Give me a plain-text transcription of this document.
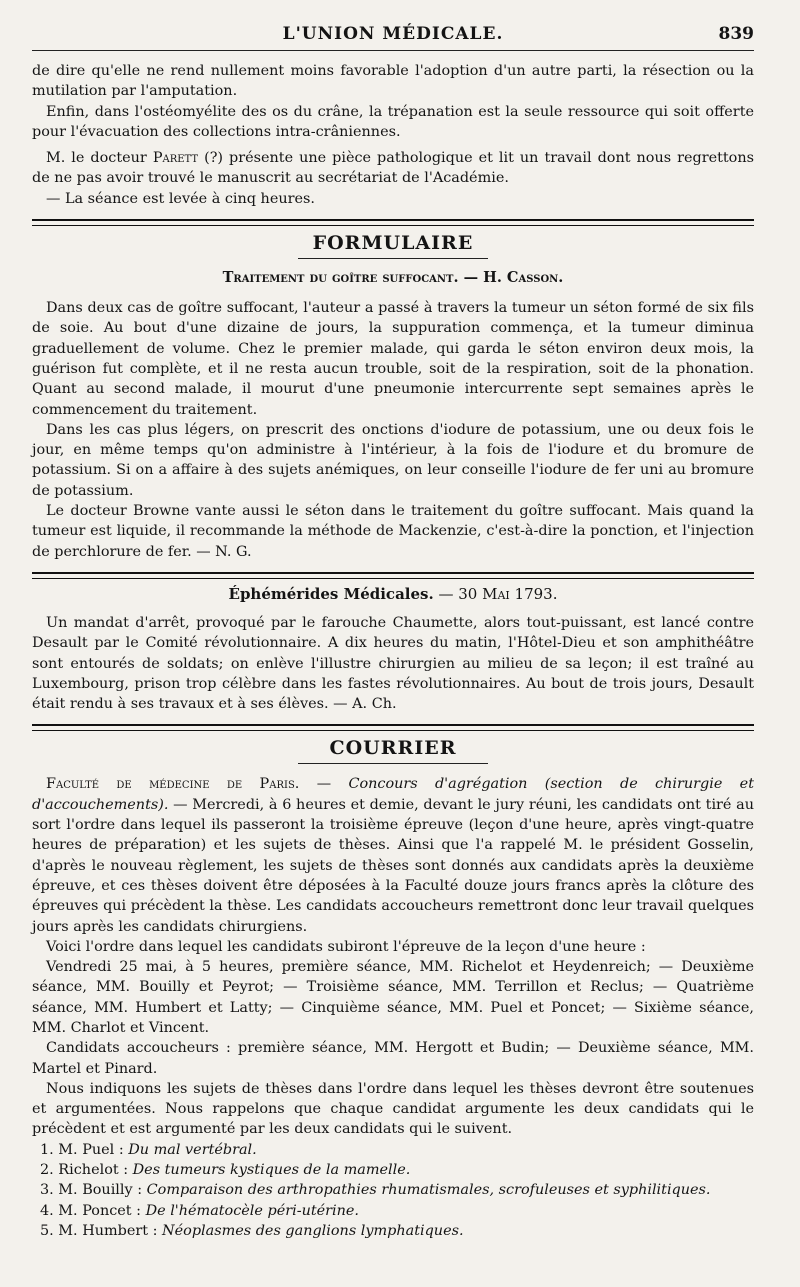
L'UNION MÉDICALE.	839

de dire qu'elle ne rend nullement moins favorable l'adoption d'un autre parti, la résection ou la mutilation par l'amputation.

Enfin, dans l'ostéomyélite des os du crâne, la trépanation est la seule ressource qui soit offerte pour l'évacuation des collections intra-crâniennes.

M. le docteur Parett (?) présente une pièce pathologique et lit un travail dont nous regrettons de ne pas avoir trouvé le manuscrit au secrétariat de l'Académie.

— La séance est levée à cinq heures.

FORMULAIRE
Traitement du goître suffocant. — H. Casson.

Dans deux cas de goître suffocant, l'auteur a passé à travers la tumeur un séton formé de six fils de soie. Au bout d'une dizaine de jours, la suppuration commença, et la tumeur diminua graduellement de volume. Chez le premier malade, qui garda le séton environ deux mois, la guérison fut complète, et il ne resta aucun trouble, soit de la respiration, soit de la phonation. Quant au second malade, il mourut d'une pneumonie intercurrente sept semaines après le commencement du traitement.

Dans les cas plus légers, on prescrit des onctions d'iodure de potassium, une ou deux fois le jour, en même temps qu'on administre à l'intérieur, à la fois de l'iodure et du bromure de potassium. Si on a affaire à des sujets anémiques, on leur conseille l'iodure de fer uni au bromure de potassium.

Le docteur Browne vante aussi le séton dans le traitement du goître suffocant. Mais quand la tumeur est liquide, il recommande la méthode de Mackenzie, c'est-à-dire la ponction, et l'injection de perchlorure de fer. — N. G.

Éphémérides Médicales. — 30 Mai 1793.

Un mandat d'arrêt, provoqué par le farouche Chaumette, alors tout-puissant, est lancé contre Desault par le Comité révolutionnaire. A dix heures du matin, l'Hôtel-Dieu et son amphithéâtre sont entourés de soldats; on enlève l'illustre chirurgien au milieu de sa leçon; il est traîné au Luxembourg, prison trop célèbre dans les fastes révolutionnaires. Au bout de trois jours, Desault était rendu à ses travaux et à ses élèves. — A. Ch.

COURRIER

Faculté de médecine de Paris. — Concours d'agrégation (section de chirurgie et d'accouchements). — Mercredi, à 6 heures et demie, devant le jury réuni, les candidats ont tiré au sort l'ordre dans lequel ils passeront la troisième épreuve (leçon d'une heure, après vingt-quatre heures de préparation) et les sujets de thèses. Ainsi que l'a rappelé M. le président Gosselin, d'après le nouveau règlement, les sujets de thèses sont donnés aux candidats après la deuxième épreuve, et ces thèses doivent être déposées à la Faculté douze jours francs après la clôture des épreuves qui précèdent la thèse. Les candidats accoucheurs remettront donc leur travail quelques jours après les candidats chirurgiens.

Voici l'ordre dans lequel les candidats subiront l'épreuve de la leçon d'une heure :

Vendredi 25 mai, à 5 heures, première séance, MM. Richelot et Heydenreich; — Deuxième séance, MM. Bouilly et Peyrot; — Troisième séance, MM. Terrillon et Reclus; — Quatrième séance, MM. Humbert et Latty; — Cinquième séance, MM. Puel et Poncet; — Sixième séance, MM. Charlot et Vincent.

Candidats accoucheurs : première séance, MM. Hergott et Budin; — Deuxième séance, MM. Martel et Pinard.

Nous indiquons les sujets de thèses dans l'ordre dans lequel les thèses devront être soutenues et argumentées. Nous rappelons que chaque candidat argumente les deux candidats qui le précèdent et est argumenté par les deux candidats qui le suivent.

1. M. Puel : Du mal vertébral.
2. Richelot : Des tumeurs kystiques de la mamelle.
3. M. Bouilly : Comparaison des arthropathies rhumatismales, scrofuleuses et syphilitiques.
4. M. Poncet : De l'hématocèle péri-utérine.
5. M. Humbert : Néoplasmes des ganglions lymphatiques.
